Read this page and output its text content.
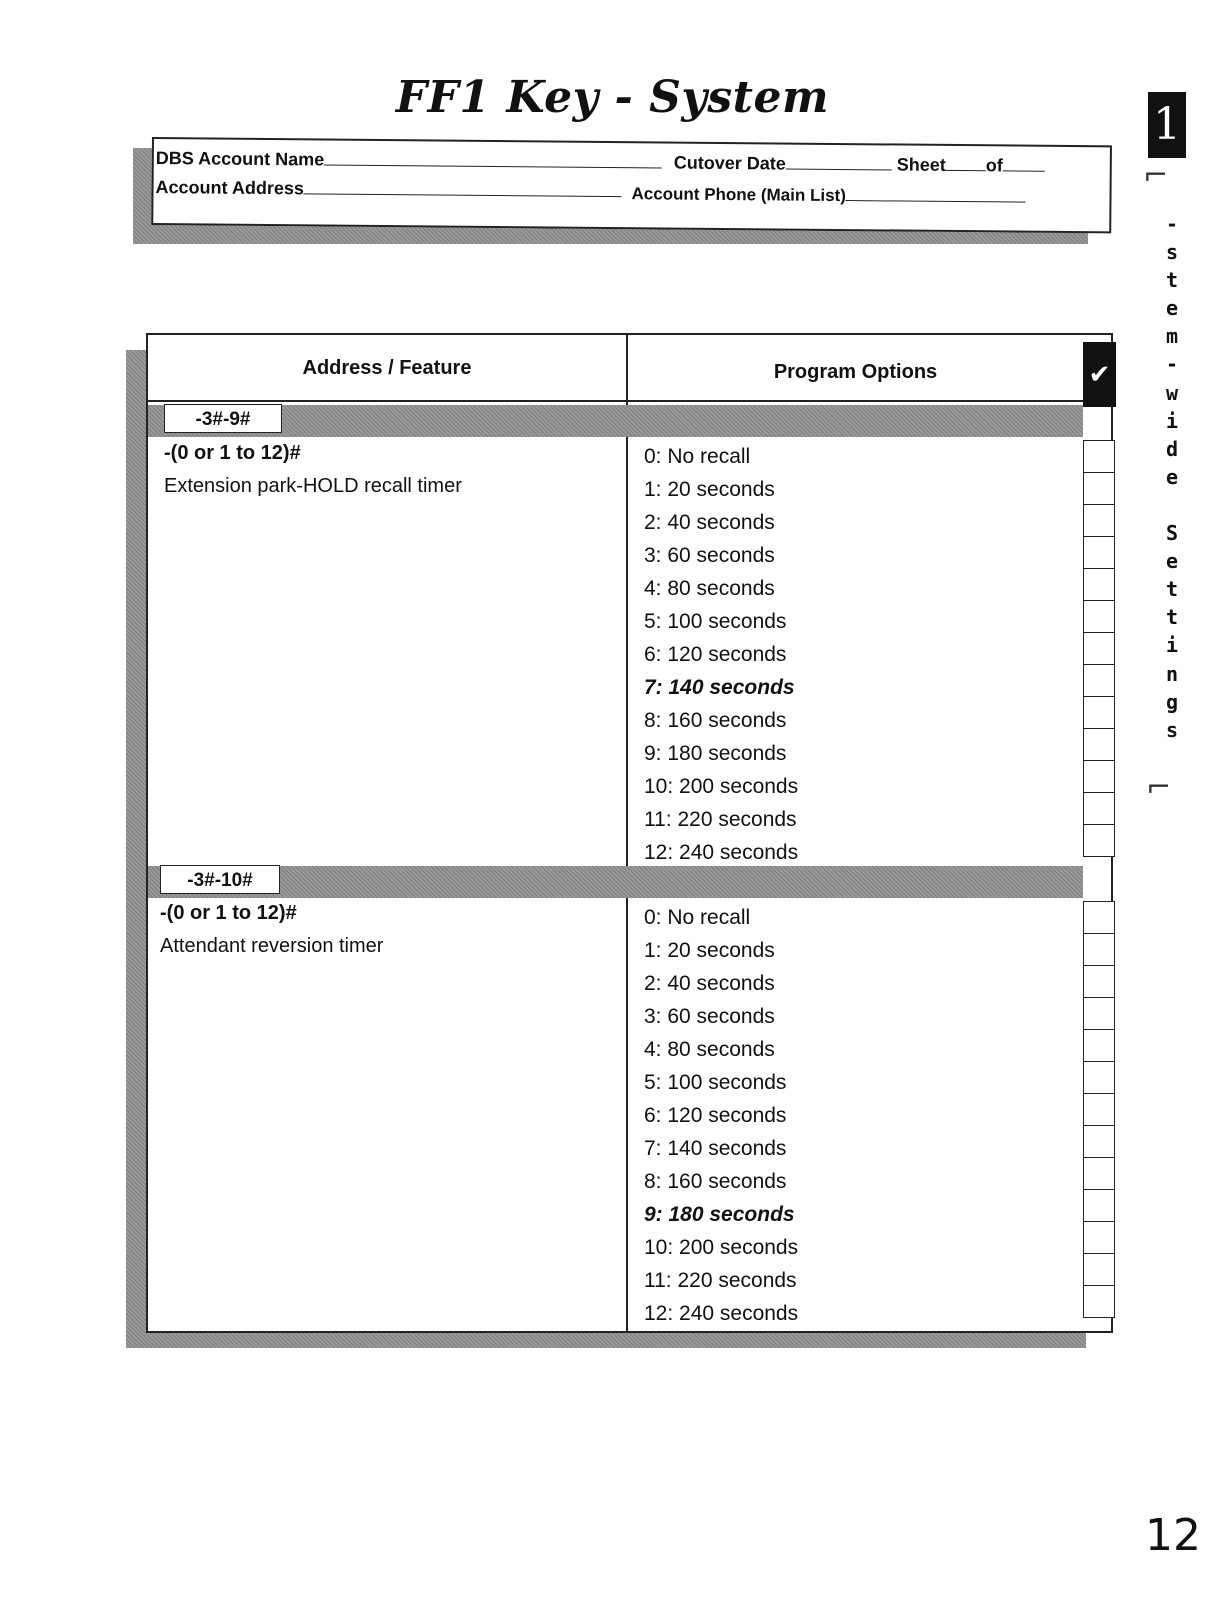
FF1 Key - System
DBS Account Name	Cutover Date	Sheet of
Account Address	Account Phone (Main List)
1
-
s
t
e
m
-
w
i
d
e

S
e
t
t
i
n
g
s
Address / Feature	Program Options	✔
-3#-9#
-(0 or 1 to 12)#
Extension park-HOLD recall timer
0: No recall
1: 20 seconds
2: 40 seconds
3: 60 seconds
4: 80 seconds
5: 100 seconds
6: 120 seconds
7: 140 seconds
8: 160 seconds
9: 180 seconds
10: 200 seconds
11: 220 seconds
12: 240 seconds
-3#-10#
-(0 or 1 to 12)#
Attendant reversion timer
0: No recall
1: 20 seconds
2: 40 seconds
3: 60 seconds
4: 80 seconds
5: 100 seconds
6: 120 seconds
7: 140 seconds
8: 160 seconds
9: 180 seconds
10: 200 seconds
11: 220 seconds
12: 240 seconds
12
⌐
⌐
